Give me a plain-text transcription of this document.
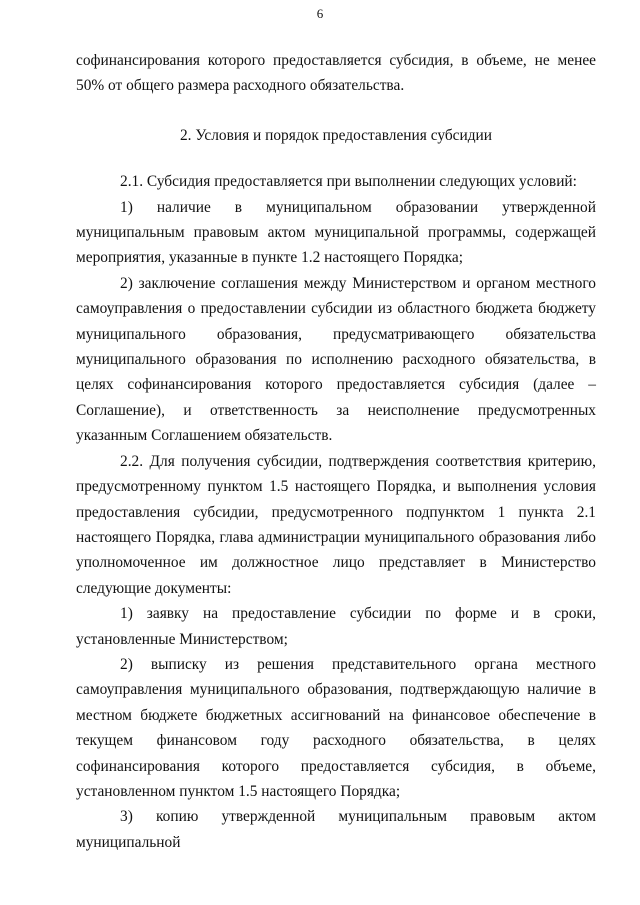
6

софинансирования которого предоставляется субсидия, в объеме, не менее 50% от общего размера расходного обязательства.

2. Условия и порядок предоставления субсидии

2.1. Субсидия предоставляется при выполнении следующих условий:

1) наличие в муниципальном образовании утвержденной муниципальным правовым актом муниципальной программы, содержащей мероприятия, указанные в пункте 1.2 настоящего Порядка;

2) заключение соглашения между Министерством и органом местного самоуправления о предоставлении субсидии из областного бюджета бюджету муниципального образования, предусматривающего обязательства муниципального образования по исполнению расходного обязательства, в целях софинансирования которого предоставляется субсидия (далее – Соглашение), и ответственность за неисполнение предусмотренных указанным Соглашением обязательств.

2.2. Для получения субсидии, подтверждения соответствия критерию, предусмотренному пунктом 1.5 настоящего Порядка, и выполнения условия предоставления субсидии, предусмотренного подпунктом 1 пункта 2.1 настоящего Порядка, глава администрации муниципального образования либо уполномоченное им должностное лицо представляет в Министерство следующие документы:

1) заявку на предоставление субсидии по форме и в сроки, установленные Министерством;

2) выписку из решения представительного органа местного самоуправления муниципального образования, подтверждающую наличие в местном бюджете бюджетных ассигнований на финансовое обеспечение в текущем финансовом году расходного обязательства, в целях софинансирования которого предоставляется субсидия, в объеме, установленном пунктом 1.5 настоящего Порядка;

3) копию утвержденной муниципальным правовым актом муниципальной
